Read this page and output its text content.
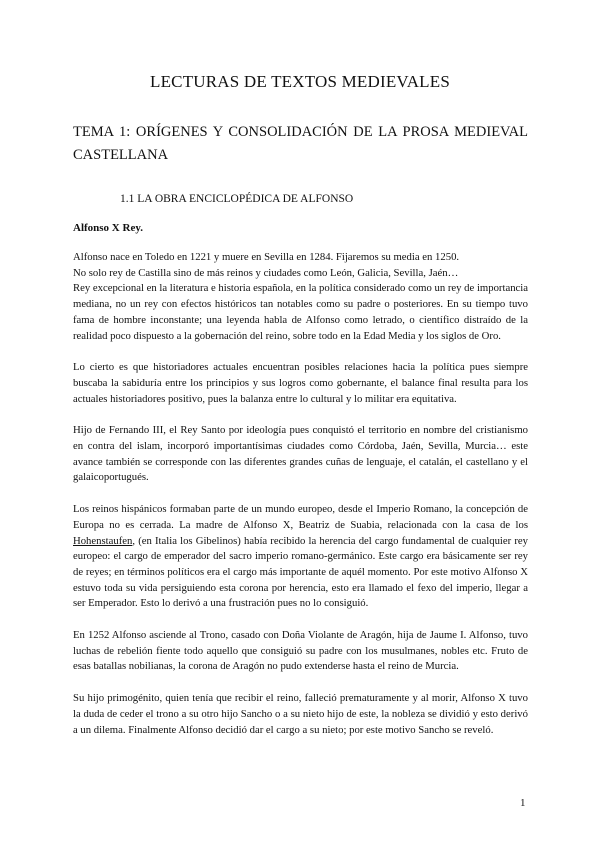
LECTURAS DE TEXTOS MEDIEVALES
TEMA 1: ORÍGENES Y CONSOLIDACIÓN DE LA PROSA MEDIEVAL CASTELLANA
1.1 LA OBRA ENCICLOPÉDICA DE ALFONSO
Alfonso X Rey.

Alfonso nace en Toledo en 1221 y muere en Sevilla en 1284. Fijaremos su media en 1250.
No solo rey de Castilla sino de más reinos y ciudades como León, Galicia, Sevilla, Jaén…
Rey excepcional en la literatura e historia española, en la política considerado como un rey de importancia mediana, no un rey con efectos históricos tan notables como su padre o posteriores. En su tiempo tuvo fama de hombre inconstante; una leyenda habla de Alfonso como letrado, o científico distraído de la realidad poco dispuesto a la gobernación del reino, sobre todo en la Edad Media y los siglos de Oro.

Lo cierto es que historiadores actuales encuentran posibles relaciones hacia la política pues siempre buscaba la sabiduría entre los principios y sus logros como gobernante, el balance final resulta para los actuales historiadores positivo, pues la balanza entre lo cultural y lo militar era equitativa.

Hijo de Fernando III, el Rey Santo por ideología pues conquistó el territorio en nombre del cristianismo en contra del islam, incorporó importantísimas ciudades como Córdoba, Jaén, Sevilla, Murcia… este avance también se corresponde con las diferentes grandes cuñas de lenguaje, el catalán, el castellano y el galaicoportugués.

Los reinos hispánicos formaban parte de un mundo europeo, desde el Imperio Romano, la concepción de Europa no es cerrada. La madre de Alfonso X, Beatriz de Suabia, relacionada con la casa de los Hohenstaufen, (en Italia los Gibelinos) había recibido la herencia del cargo fundamental de cualquier rey europeo: el cargo de emperador del sacro imperio romano-germánico. Este cargo era básicamente ser rey de reyes; en términos políticos era el cargo más importante de aquél momento. Por este motivo Alfonso X estuvo toda su vida persiguiendo esta corona por herencia, esto era llamado el fexo del imperio, llegar a ser Emperador. Esto lo derivó a una frustración pues no lo consiguió.

En 1252 Alfonso asciende al Trono, casado con Doña Violante de Aragón, hija de Jaume I. Alfonso, tuvo luchas de rebelión fiente todo aquello que consiguió su padre con los musulmanes, nobles etc. Fruto de esas batallas nobilianas, la corona de Aragón no pudo extenderse hasta el reino de Murcia.

Su hijo primogénito, quien tenía que recibir el reino, falleció prematuramente y al morir, Alfonso X tuvo la duda de ceder el trono a su otro hijo Sancho o a su nieto hijo de este, la nobleza se dividió y esto derivó a un dilema. Finalmente Alfonso decidió dar el cargo a su nieto; por este motivo Sancho se reveló.

1
